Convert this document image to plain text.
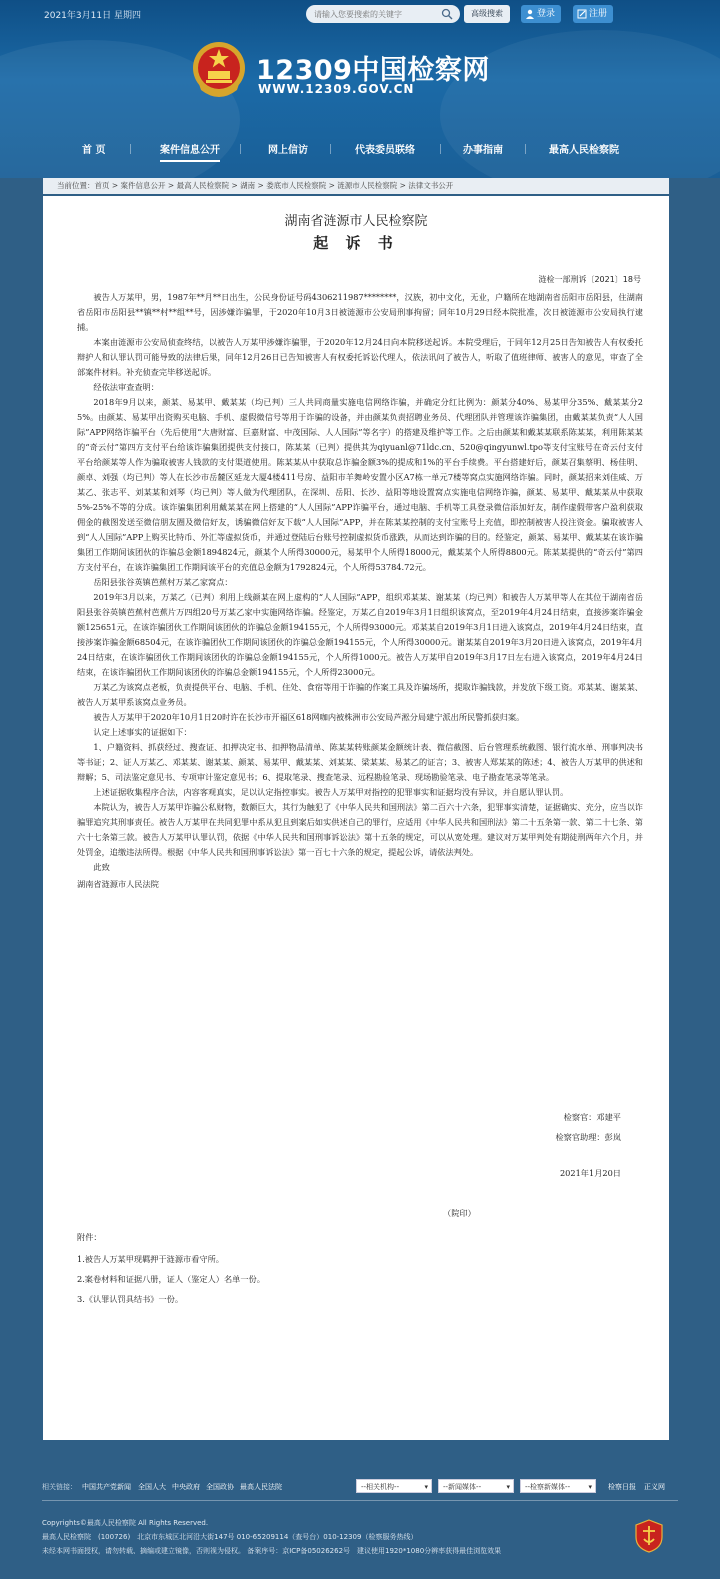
2021年3月11日 星期四
请输入您要搜索的关键字	高级搜索	登录	注册
12309中国检察网
WWW.12309.GOV.CN
首 页	案件信息公开	网上信访	代表委员联络	办事指南	最高人民检察院
当前位置：首页 > 案件信息公开 > 最高人民检察院 > 湖南 > 娄底市人民检察院 > 涟源市人民检察院 > 法律文书公开
湖南省涟源市人民检察院
起 诉 书
涟检一部刑诉〔2021〕18号

被告人万某甲，男，1987年**月**日出生，公民身份证号码4306211987********，汉族，初中文化，无业，户籍所在地湖南省岳阳市岳阳县，住湖南省岳阳市岳阳县**镇**村**组**号，因涉嫌诈骗罪，于2020年10月3日被涟源市公安局刑事拘留；同年10月29日经本院批准，次日被涟源市公安局执行逮捕。

本案由涟源市公安局侦查终结，以被告人万某甲涉嫌诈骗罪，于2020年12月24日向本院移送起诉。本院受理后，于同年12月25日告知被告人有权委托辩护人和认罪认罚可能导致的法律后果，同年12月26日已告知被害人有权委托诉讼代理人，依法讯问了被告人，听取了值班律师、被害人的意见，审查了全部案件材料。补充侦查完毕移送起诉。

经依法审查查明：

2018年9月以来，颜某、易某甲、戴某某（均已判）三人共同商量实施电信网络诈骗，并确定分红比例为：颜某分40%、易某甲分35%、戴某某分25%。由颜某、易某甲出资购买电脑、手机、虚假微信号等用于诈骗的设备，并由颜某负责招聘业务员、代理团队并管理该诈骗集团，由戴某某负责“人人国际”APP网络诈骗平台（先后使用“大唐财富、巨嘉财富、中茂国际、人人国际”等名字）的搭建及维护等工作。之后由颜某和戴某某联系陈某某，利用陈某某的“奇云付”第四方支付平台给该诈骗集团提供支付接口，陈某某（已判）提供其为qiyuanl@71ldc.cn、520@qingyunwl.tpo等支付宝账号在奇云付支付平台给颜某等人作为骗取被害人钱款的支付渠道使用。陈某某从中获取总诈骗金额3%的提成和1%的平台手续费。平台搭建好后，颜某召集蔡明、杨佳明、颜卓、刘强（均已判）等人在长沙市岳麓区延龙大厦4楼411号房、益阳市羊舞岭安置小区A7栋一单元7楼等窝点实施网络诈骗。同时，颜某招来刘佳威、万某乙、张志平、刘某某和刘琴（均已判）等人做为代理团队，在深圳、岳阳、长沙、益阳等地设置窝点实施电信网络诈骗，颜某、易某甲、戴某某从中获取5%-25%不等的分成。该诈骗集团利用戴某某在网上搭建的“人人国际”APP诈骗平台，通过电脑、手机等工具登录微信添加好友，制作虚假带客户盈利获取佣金的截图发送至微信朋友圈及微信好友，诱骗微信好友下载“人人国际”APP，并在陈某某控制的支付宝账号上充值，即控制被害人投注资金。骗取被害人到“人人国际”APP上购买比特币、外汇等虚拟货币，并通过登陆后台账号控制虚拟货币涨跌，从而达到诈骗的目的。经鉴定，颜某、易某甲、戴某某在该诈骗集团工作期间该团伙的诈骗总金额1894824元，颜某个人所得30000元，易某甲个人所得18000元，戴某某个人所得8800元。陈某某提供的“奇云付”第四方支付平台，在该诈骗集团工作期间该平台的充值总金额为1792824元，个人所得53784.72元。

岳阳县张谷英镇芭蕉村万某乙家窝点：

2019年3月以来，万某乙（已判）利用上线颜某在网上虚构的“人人国际”APP，组织邓某某、谢某某（均已判）和被告人万某甲等人在其位于湖南省岳阳县张谷英镇芭蕉村芭蕉片万四组20号万某乙家中实施网络诈骗。经鉴定，万某乙自2019年3月1日组织该窝点，至2019年4月24日结束，直接涉案诈骗金额125651元，在该诈骗团伙工作期间该团伙的诈骗总金额194155元，个人所得93000元。邓某某自2019年3月1日进入该窝点，2019年4月24日结束，直接涉案诈骗金额68504元，在该诈骗团伙工作期间该团伙的诈骗总金额194155元，个人所得30000元。谢某某自2019年3月20日进入该窝点，2019年4月24日结束，在该诈骗团伙工作期间该团伙的诈骗总金额194155元，个人所得1000元。被告人万某甲自2019年3月17日左右进入该窝点，2019年4月24日结束，在该诈骗团伙工作期间该团伙的诈骗总金额194155元，个人所得23000元。

万某乙为该窝点老板，负责提供平台、电脑、手机、住处、食宿等用于诈骗的作案工具及诈骗场所，提取诈骗钱款，并发放下级工资。邓某某、谢某某、被告人万某甲系该窝点业务员。

被告人万某甲于2020年10月1日20时许在长沙市开福区618网咖内被株洲市公安局芦淞分局建宁派出所民警抓获归案。

认定上述事实的证据如下：

1、户籍资料、抓获经过、搜查证、扣押决定书、扣押物品清单、陈某某转账颜某金额统计表、微信截图、后台管理系统截图、银行流水单、刑事判决书等书证；2、证人万某乙、邓某某、谢某某、颜某、易某甲、戴某某、刘某某、梁某某、易某乙的证言；3、被害人郑某某的陈述；4、被告人万某甲的供述和辩解；5、司法鉴定意见书、专项审计鉴定意见书；6、提取笔录、搜查笔录、远程勘验笔录、现场勘验笔录、电子勘查笔录等笔录。

上述证据收集程序合法，内容客观真实，足以认定指控事实。被告人万某甲对指控的犯罪事实和证据均没有异议，并自愿认罪认罚。

本院认为，被告人万某甲诈骗公私财物，数额巨大，其行为触犯了《中华人民共和国刑法》第二百六十六条，犯罪事实清楚，证据确实、充分，应当以诈骗罪追究其刑事责任。被告人万某甲在共同犯罪中系从犯且到案后如实供述自己的罪行，应适用《中华人民共和国刑法》第二十五条第一款、第二十七条、第六十七条第三款。被告人万某甲认罪认罚，依据《中华人民共和国刑事诉讼法》第十五条的规定，可以从宽处理。建议对万某甲判处有期徒刑两年六个月，并处罚金，追缴违法所得。根据《中华人民共和国刑事诉讼法》第一百七十六条的规定，提起公诉，请依法判处。

此致

湖南省涟源市人民法院

检察官：邓建平
检察官助理：彭岚
2021年1月20日
（院印）
附件：
1.被告人万某甲现羁押于涟源市看守所。
2.案卷材料和证据八册，证人（鉴定人）名单一份。
3.《认罪认罚具结书》一份。
相关链接： 中国共产党新闻 全国人大 中央政府 全国政协 最高人民法院	--相关机构-- ▾	--新闻媒体-- ▾	--检察新媒体-- ▾	检察日报 正义网
Copyrights©最高人民检察院 All Rights Reserved.
最高人民检察院　(100726)　北京市东城区北河沿大街147号 010-65209114（查号台）010-12309（检察服务热线）
未经本网书面授权，请勿转载、摘编或建立镜像，否则视为侵权。 备案序号：京ICP备05026262号　建议使用1920*1080分辨率获得最佳浏览效果
